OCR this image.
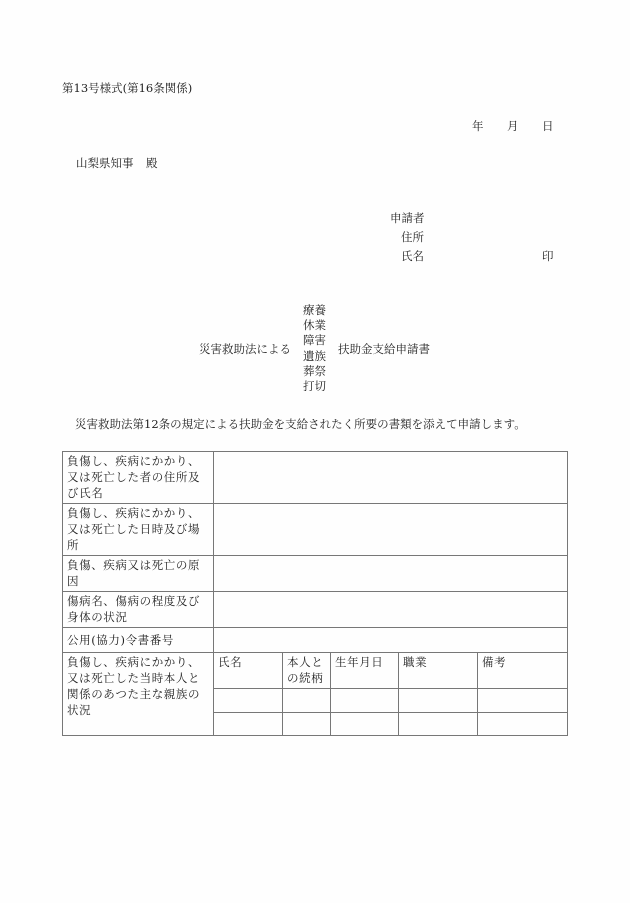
第13号様式(第16条関係)
年 月 日
山梨県知事 殿
申請者
住所
氏名	印
災害救助法による
療養
休業
障害
遺族
葬祭
打切
扶助金支給申請書
災害救助法第12条の規定による扶助金を支給されたく所要の書類を添えて申請します。
負傷し、疾病にかかり、又は死亡した者の住所及び氏名					
負傷し、疾病にかかり、又は死亡した日時及び場所					
負傷、疾病又は死亡の原因					
傷病名、傷病の程度及び身体の状況					
公用(協力)令書番号					
負傷し、疾病にかかり、又は死亡した当時本人と関係のあつた主な親族の状況	氏名	本人との続柄	生年月日	職業	備考
